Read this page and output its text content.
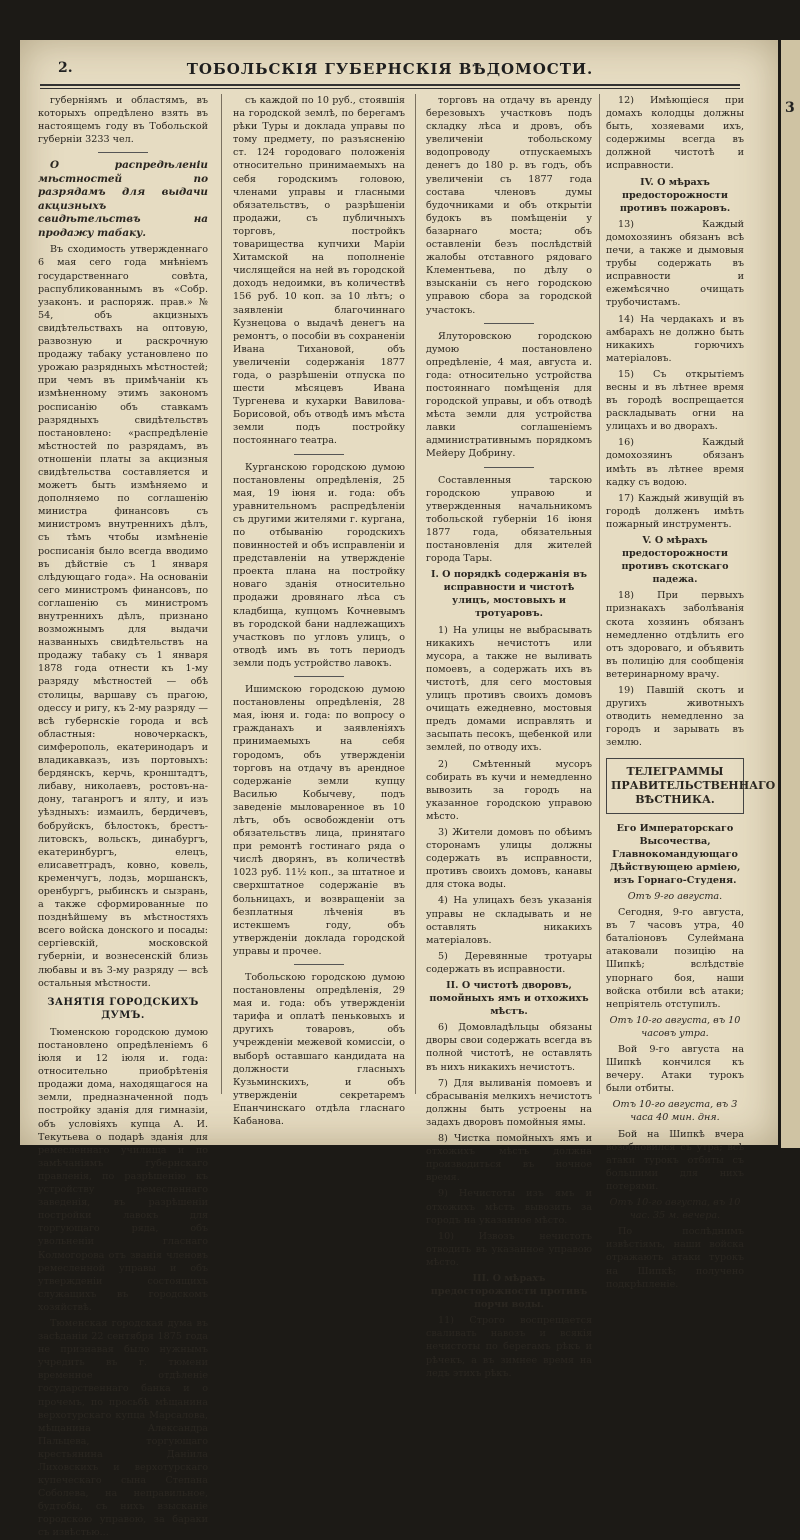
3
2.	ТОБОЛЬСКІЯ ГУБЕРНСКІЯ ВѢДОМОСТИ.

губерніямъ и областямъ, въ которыхъ опредѣлено взять въ настоящемъ году въ Тобольской губерніи 3233 чел.

О распредѣленіи мѣстностей по разрядамъ для выдачи акцизныхъ свидѣтельствъ на продажу табаку.

Въ сходимость утвержденнаго 6 мая сего года мнѣніемъ государственнаго совѣта, распубликованнымъ въ «Собр. узаконъ. и распоряж. прав.» № 54, объ акцизныхъ свидѣтельствахъ на оптовую, развозную и раскрочную продажу табаку установлено по урожаю разрядныхъ мѣстностей; при чемъ въ примѣчаніи къ измѣненному этимъ закономъ росписанію объ ставкамъ разрядныхъ свидѣтельствъ постановлено: «распредѣленіе мѣстностей по разрядамъ, въ отношеніи платы за акцизныя свидѣтельства составляется и можетъ быть измѣняемо и дополняемо по соглашенію министра финансовъ съ министромъ внутреннихъ дѣлъ, съ тѣмъ чтобы измѣненіе росписанія было всегда вводимо въ дѣйствіе съ 1 января слѣдующаго года». На основаніи сего министромъ финансовъ, по соглашенію съ министромъ внутреннихъ дѣлъ, признано возможнымъ для выдачи названныхъ свидѣтельствъ на продажу табаку съ 1 января 1878 года отнести къ 1-му разряду мѣстностей — обѣ столицы, варшаву съ прагою, одессу и ригу, къ 2-му разряду — всѣ губернскіе города и всѣ областныя: новочеркаскъ, симферополь, екатеринодаръ и владикавказъ, изъ портовыхъ: бердянскъ, керчь, кронштадтъ, либаву, николаевъ, ростовъ-на-дону, таганрогъ и ялту, и изъ уѣздныхъ: измаилъ, бердичевъ, бобруйскъ, бѣлостокъ, брестъ-литовскъ, вольскъ, динабургъ, екатеринбургъ, елецъ, елисаветградъ, ковно, ковель, кременчугъ, лодзь, моршанскъ, оренбургъ, рыбинскъ и сызрань, а также сформированные по позднѣйшему въ мѣстностяхъ всего войска донского и посады: сергіевскій, московской губерніи, и вознесенскій близь любавы и въ 3-му разряду — всѣ остальныя мѣстности.

ЗАНЯТІЯ ГОРОДСКИХЪ ДУМЪ.

Тюменскою городскою думою постановлено опредѣленіемъ 6 іюля и 12 іюля и. года: относительно приобрѣтенія продажи дома, находящагося на земли, предназначенной подъ постройку зданія для гимназіи, объ условіяхъ купца А. И. Текутьева о подарѣ зданія для ремесленнаго училища и по замѣчаніямъ губернскаго правленія, по разрѣшенію къ устройству ремесленнаго заведенія, въ разрѣшеніи постройки лавокъ для торгующаго ряда, объ увольненіи гласнаго Колмогорова отъ званія членовъ ремесленной управы и объ утвержденіи состоящихъ служащихъ въ городскомъ хозяйствѣ.

Тюменская городская дума въ засѣданіи 22 сентября 1875 года не признавая было нужнымъ учредить въ г. тюмени временное отдѣленіе государственнаго банка и о прочемъ, по просьбѣ мѣщанина верхотурскаго купца Марсалова, мѣщанина Александра Пальцева, торгующаго крестьянина Даніила Лиховскихъ и верхотурскаго купеческаго сына Степана Соболева, на неправильное, будтобы, съ нихъ взысканіе городскою управою, за бараки съ извѣстью...

съ каждой по 10 руб., стоявшія на городской землѣ, по берегамъ рѣки Туры и доклада управы по тому предмету, по разъясненію ст. 124 городоваго положенія относительно принимаемыхъ на себя городскимъ головою, членами управы и гласными обязательствъ, о разрѣшеніи продажи, съ публичныхъ торговъ, постройкъ товарищества купчихи Маріи Хитамской на пополненіе числящейся на ней въ городской доходъ недоимки, въ количествѣ 156 руб. 10 коп. за 10 лѣтъ; о заявленіи благочиннаго Кузнецова о выдачѣ денегъ на ремонтъ, о пособіи въ сохраненіи Ивана Тихановой, объ увеличеніи содержанія 1877 года, о разрѣшеніи отпуска по шести мѣсяцевъ Ивана Тургенева и кухарки Вавилова-Борисовой, объ отводѣ имъ мѣста земли подъ постройку постояннаго театра.

Курганскою городскою думою постановлены опредѣленія, 25 мая, 19 іюня и. года: объ уравнительномъ распредѣленіи съ другими жителями г. кургана, по отбыванію городскихъ повинностей и объ исправленіи и представленіи на утвержденіе проекта плана на постройку новаго зданія относительно продажи дровянаго лѣса съ кладбища, купцомъ Кочневымъ въ городской бани надлежащихъ участковъ по угловъ улицъ, о отводѣ имъ въ тотъ периодъ земли подъ устройство лавокъ.

Ишимскою городскою думою постановлены опредѣленія, 28 мая, іюня и. года: по вопросу о гражданахъ и заявленіяхъ принимаемыхъ на себя городомъ, объ утвержденіи торговъ на отдачу въ арендное содержаніе земли купцу Василью Кобычеву, подъ заведеніе мыловаренное въ 10 лѣтъ, объ освобожденіи отъ обязательствъ лица, принятаго при ремонтѣ гостинаго ряда о числѣ дворянъ, въ количествѣ 1023 руб. 11½ коп., за штатное и сверхштатное содержаніе въ больницахъ, и возвращеніи за безплатныя лѣченія въ истекшемъ году, объ утвержденіи доклада городской управы и прочее.

Тобольскою городскою думою постановлены опредѣленія, 29 мая и. года: объ утвержденіи тарифа и оплатѣ пеньковыхъ и другихъ товаровъ, объ учрежденіи межевой комиссіи, о выборѣ оставшаго кандидата на должности гласныхъ Кузьминскихъ, и объ утвержденіи секретаремъ Епанчинскаго отдѣла гласнаго Кабанова.

торговъ на отдачу въ аренду березовыхъ участковъ подъ складку лѣса и дровъ, объ увеличеніи тобольскому водопроводу отпускаемыхъ денегъ до 180 р. въ годъ, объ увеличеніи съ 1877 года состава членовъ думы будочниками и объ открытіи будокъ въ помѣщеніи у базарнаго моста; объ оставленіи безъ послѣдствій жалобы отставного рядоваго Клементьева, по дѣлу о взысканіи съ него городскою управою сбора за городской участокъ.

Ялуторовскою городскою думою постановлено опредѣленіе, 4 мая, августа и. года: относительно устройства постояннаго помѣщенія для городской управы, и объ отводѣ мѣста земли для устройства лавки соглашеніемъ административнымъ порядкомъ Мейеру Добрину.

Составленныя тарскою городскою управою и утвержденныя начальникомъ тобольской губерніи 16 іюня 1877 года, обязательныя постановленія для жителей города Тары.

I. О порядкѣ содержанія въ исправности и чистотѣ улицъ, мостовыхъ и тротуаровъ.

1) На улицы не выбрасывать никакихъ нечистотъ или мусора, а также не выливать помоевъ, а содержать ихъ въ чистотѣ, для сего мостовыя улицъ противъ своихъ домовъ очищать ежедневно, мостовыя предъ домами исправлять и засыпать песокъ, щебенкой или землей, по отводу ихъ.

2) Смѣтенный мусоръ собирать въ кучи и немедленно вывозить за городъ на указанное городскою управою мѣсто.

3) Жители домовъ по обѣимъ сторонамъ улицы должны содержать въ исправности, противъ своихъ домовъ, канавы для стока воды.

4) На улицахъ безъ указанія управы не складывать и не оставлять никакихъ матеріаловъ.

5) Деревянные тротуары содержать въ исправности.

II. О чистотѣ дворовъ, помойныхъ ямъ и отхожихъ мѣстъ.

6) Домовладѣльцы обязаны дворы свои содержать всегда въ полной чистотѣ, не оставлять въ нихъ никакихъ нечистотъ.

7) Для выливанія помоевъ и сбрасыванія мелкихъ нечистотъ должны быть устроены на задахъ дворовъ помойныя ямы.

8) Чистка помойныхъ ямъ и отхожихъ мѣстъ должна производиться въ ночное время.

9) Нечистоты изъ ямъ и отхожихъ мѣстъ вывозить за городъ на указанное мѣсто.

10) Извозъ нечистотъ отводить въ указанное управою мѣсто.

III. О мѣрахъ предосторожности противъ порчи воды.

11) Строго воспрещается сваливать навозъ и всякія нечистоты по берегамъ рѣкъ и рѣчекъ, а въ зимнее время на ледъ этихъ рѣкъ.

12) Имѣющіеся при домахъ колодцы должны быть, хозяевами ихъ, содержимы всегда въ должной чистотѣ и исправности.

IV. О мѣрахъ предосторожности противъ пожаровъ.

13) Каждый домохозяинъ обязанъ всѣ печи, а также и дымовыя трубы содержать въ исправности и ежемѣсячно очищать трубочистамъ.

14) На чердакахъ и въ амбарахъ не должно быть никакихъ горючихъ матеріаловъ.

15) Съ открытіемъ весны и въ лѣтнее время въ городѣ воспрещается раскладывать огни на улицахъ и во дворахъ.

16) Каждый домохозяинъ обязанъ имѣть въ лѣтнее время кадку съ водою.

17) Каждый живущій въ городѣ долженъ имѣть пожарный инструментъ.

V. О мѣрахъ предосторожности противъ скотскаго падежа.

18) При первыхъ признакахъ заболѣванія скота хозяинъ обязанъ немедленно отдѣлить его отъ здороваго, и объявить въ полицію для сообщенія ветеринарному врачу.

19) Павшій скотъ и другихъ животныхъ отводить немедленно за городъ и зарывать въ землю.

ТЕЛЕГРАММЫ ПРАВИТЕЛЬСТВЕННАГО ВѢСТНИКА.

Его Императорскаго Высочества, Главнокомандующаго Дѣйствующею арміею, изъ Горнаго-Студеня.

Отъ 9-го августа.

Сегодня, 9-го августа, въ 7 часовъ утра, 40 баталіоновъ Сулеймана атаковали позицію на Шипкѣ; вслѣдствіе упорнаго боя, наши войска отбили всѣ атаки; непріятель отступилъ.

Отъ 10-го августа, въ 10 часовъ утра.

Вой 9-го августа на Шипкѣ кончился къ вечеру. Атаки турокъ были отбиты.

Отъ 10-го августа, въ 3 часа 40 мин. дня.

Бой на Шипкѣ вчера возобновился съ утра; всѣ атаки турокъ отбиты съ большими для нихъ потерями.

Отъ 10-го августа, въ 10 час. 35 м. вечера.

По послѣднимъ извѣстіямъ, наши войска отражаютъ атаки турокъ на Шипкѣ; получено подкрѣпленіе.
